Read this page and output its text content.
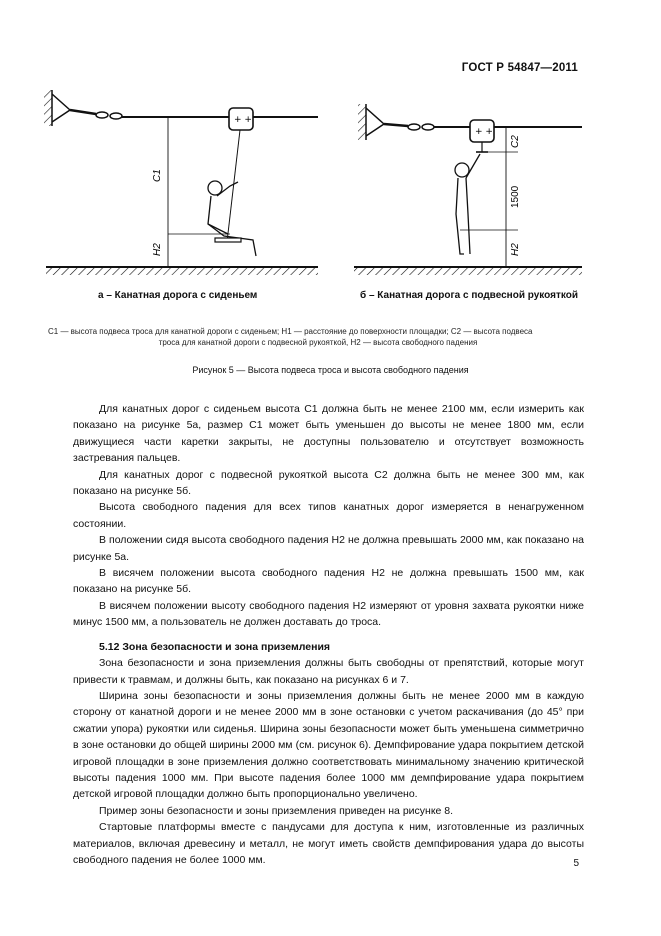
ГОСТ Р 54847—2011
+ +
C1
H2
+ +
C2
1500
H2
а – Канатная дорога с сиденьем	б – Канатная дорога с подвесной рукояткой
C1 — высота подвеса троса для канатной дороги с сиденьем; H1 — расстояние до поверхности площадки; C2 — высота подвеса
троса для канатной дороги с подвесной рукояткой, H2 — высота свободного падения
Рисунок 5 — Высота подвеса троса и высота свободного падения

Для канатных дорог с сиденьем высота C1 должна быть не менее 2100 мм, если измерить как показано на рисунке 5а, размер C1 может быть уменьшен до высоты не менее 1800 мм, если движущиеся части каретки закрыты, не доступны пользователю и отсутствует возможность застревания пальцев.

Для канатных дорог с подвесной рукояткой высота C2 должна быть не менее 300 мм, как показано на рисунке 5б.

Высота свободного падения для всех типов канатных дорог измеряется в ненагруженном состоянии.

В положении сидя высота свободного падения H2 не должна превышать 2000 мм, как показано на рисунке 5а.

В висячем положении высота свободного падения H2 не должна превышать 1500 мм, как показано на рисунке 5б.

В висячем положении высоту свободного падения H2 измеряют от уровня захвата рукоятки ниже минус 1500 мм, а пользователь не должен доставать до троса.

5.12 Зона безопасности и зона приземления

Зона безопасности и зона приземления должны быть свободны от препятствий, которые могут привести к травмам, и должны быть, как показано на рисунках 6 и 7.

Ширина зоны безопасности и зоны приземления должны быть не менее 2000 мм в каждую сторону от канатной дороги и не менее 2000 мм в зоне остановки с учетом раскачивания (до 45° при сжатии упора) рукоятки или сиденья. Ширина зоны безопасности может быть уменьшена симметрично в зоне остановки до общей ширины 2000 мм (см. рисунок 6). Демпфирование удара покрытием детской игровой площадки в зоне приземления должно соответствовать минимальному значению критической высоты падения 1000 мм. При высоте падения более 1000 мм демпфирование удара покрытием детской игровой площадки должно быть пропорционально увеличено.

Пример зоны безопасности и зоны приземления приведен на рисунке 8.

Стартовые платформы вместе с пандусами для доступа к ним, изготовленные из различных материалов, включая древесину и металл, не могут иметь свойств демпфирования удара до высоты свободного падения не более 1000 мм.	5
